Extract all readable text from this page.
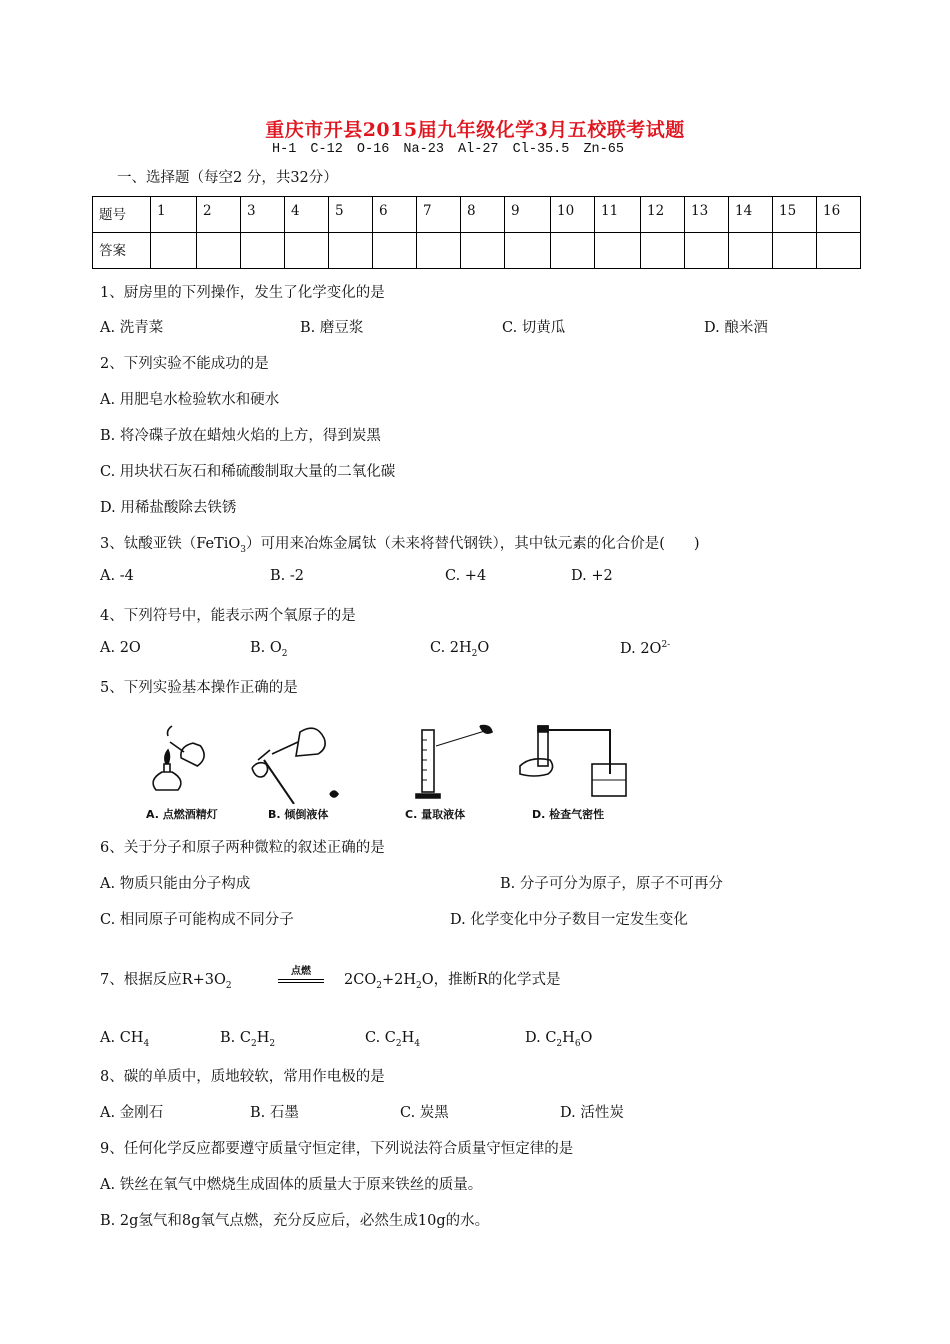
重庆市开县2015届九年级化学3月五校联考试题
H-1 C-12 O-16 Na-23 Al-27 Cl-35.5 Zn-65
一、选择题（每空2 分，共32分）
题号	1	2	3	4	5	6	7	8	9	10	11	12	13	14	15	16
答案																
1、厨房里的下列操作，发生了化学变化的是
A. 洗青菜	B. 磨豆浆	C. 切黄瓜	D. 酿米酒
2、下列实验不能成功的是
A. 用肥皂水检验软水和硬水
B. 将冷碟子放在蜡烛火焰的上方，得到炭黑
C. 用块状石灰石和稀硫酸制取大量的二氧化碳
D. 用稀盐酸除去铁锈
3、钛酸亚铁（FeTiO$_3$）可用来冶炼金属钛（未来将替代钢铁），其中钛元素的化合价是(　　)
A. -4	B. -2	C. +4	D. +2
4、下列符号中，能表示两个氧原子的是
A. 2O	B. $O_2$	C. $2H_2O$	D. $2O^{2-}$
5、下列实验基本操作正确的是
A. 点燃酒精灯	B. 倾倒液体	C. 量取液体	D. 检查气密性
6、关于分子和原子两种微粒的叙述正确的是
A. 物质只能由分子构成	B. 分子可分为原子，原子不可再分
C. 相同原子可能构成不同分子	D. 化学变化中分子数目一定发生变化
7、根据反应$R+3O_2$
点燃
$2CO_2+2H_2O$，推断R的化学式是
A. $CH_4$	B. $C_2H_2$	C. $C_2H_4$	D. $C_2H_6O$
8、碳的单质中，质地较软，常用作电极的是
A. 金刚石	B. 石墨	C. 炭黑	D. 活性炭
9、任何化学反应都要遵守质量守恒定律，下列说法符合质量守恒定律的是
A. 铁丝在氧气中燃烧生成固体的质量大于原来铁丝的质量。
B. 2g氢气和8g氧气点燃，充分反应后，必然生成10g的水。
